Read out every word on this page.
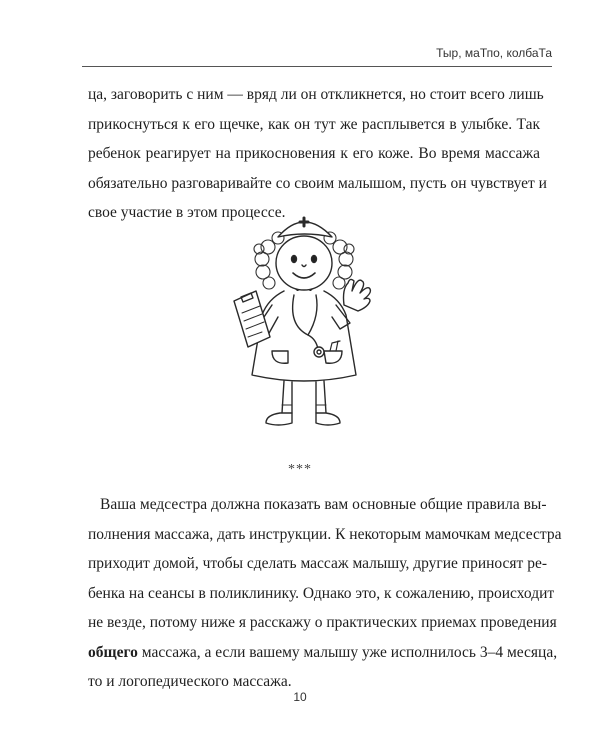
Тыр, маТпо, колбаТа
ца, заговорить с ним — вряд ли он откликнется, но стоит всего лишь
прикоснуться к его щечке, как он тут же расплывется в улыбке. Так
ребенок реагирует на прикосновения к его коже. Во время массажа
обязательно разговаривайте со своим малышом, пусть он чувствует и
свое участие в этом процессе.
***
Ваша медсестра должна показать вам основные общие правила вы-
полнения массажа, дать инструкции. К некоторым мамочкам медсестра
приходит домой, чтобы сделать массаж малышу, другие приносят ре-
бенка на сеансы в поликлинику. Однако это, к сожалению, происходит
не везде, потому ниже я расскажу о практических приемах проведения
общего массажа, а если вашему малышу уже исполнилось 3–4 месяца,
то и логопедического массажа.
10
